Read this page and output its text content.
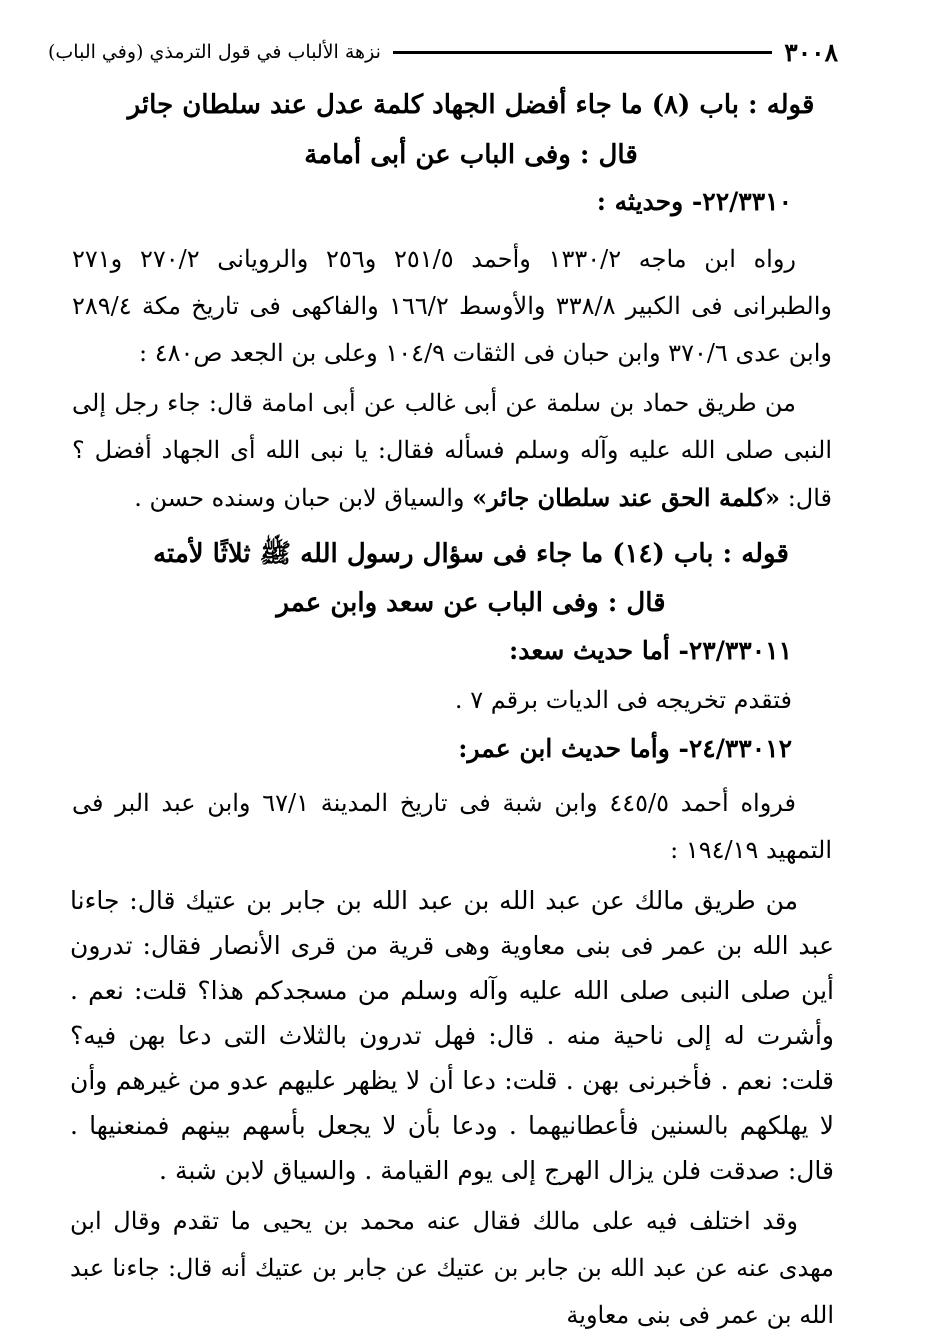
٣٠٠٨
نزهة الألباب في قول الترمذي (وفي الباب)
قوله : باب (٨) ما جاء أفضل الجهاد كلمة عدل عند سلطان جائر
قال : وفى الباب عن أبى أمامة
٢٢/٣٣١٠- وحديثه :
رواه ابن ماجه ١٣٣٠/٢ وأحمد ٢٥١/٥ و٢٥٦ والرويانى ٢٧٠/٢ و٢٧١ والطبرانى فى الكبير ٣٣٨/٨ والأوسط ١٦٦/٢ والفاكهى فى تاريخ مكة ٢٨٩/٤ وابن عدى ٣٧٠/٦ وابن حبان فى الثقات ١٠٤/٩ وعلى بن الجعد ص٤٨٠ :
من طريق حماد بن سلمة عن أبى غالب عن أبى امامة قال: جاء رجل إلى النبى صلى الله عليه وآله وسلم فسأله فقال: يا نبى الله أى الجهاد أفضل ؟ قال: «كلمة الحق عند سلطان جائر» والسياق لابن حبان وسنده حسن .
قوله : باب (١٤) ما جاء فى سؤال رسول الله ﷺ ثلاثًا لأمته
قال : وفى الباب عن سعد وابن عمر
٢٣/٣٣٠١١- أما حديث سعد:
فتقدم تخريجه فى الديات برقم ٧ .
٢٤/٣٣٠١٢- وأما حديث ابن عمر:
فرواه أحمد ٤٤٥/٥ وابن شبة فى تاريخ المدينة ٦٧/١ وابن عبد البر فى التمهيد ١٩٤/١٩ :
من طريق مالك عن عبد الله بن عبد الله بن جابر بن عتيك قال: جاءنا عبد الله بن عمر فى بنى معاوية وهى قرية من قرى الأنصار فقال: تدرون أين صلى النبى صلى الله عليه وآله وسلم من مسجدكم هذا؟ قلت: نعم . وأشرت له إلى ناحية منه . قال: فهل تدرون بالثلاث التى دعا بهن فيه؟ قلت: نعم . فأخبرنى بهن . قلت: دعا أن لا يظهر عليهم عدو من غيرهم وأن لا يهلكهم بالسنين فأعطانيهما . ودعا بأن لا يجعل بأسهم بينهم فمنعنيها . قال: صدقت فلن يزال الهرج إلى يوم القيامة . والسياق لابن شبة .
وقد اختلف فيه على مالك فقال عنه محمد بن يحيى ما تقدم وقال ابن مهدى عنه عن عبد الله بن جابر بن عتيك عن جابر بن عتيك أنه قال: جاءنا عبد الله بن عمر فى بنى معاوية
